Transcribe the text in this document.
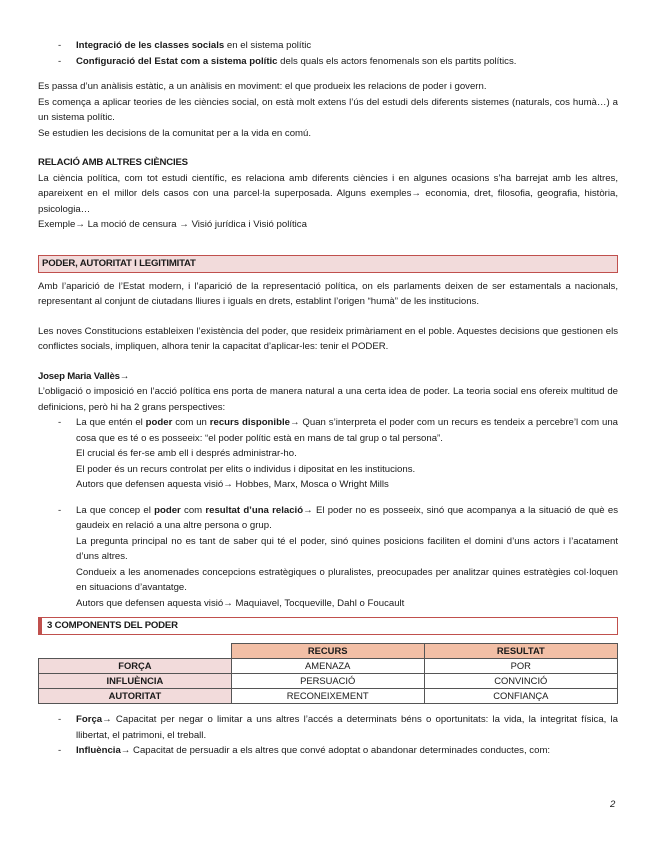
- Integració de les classes socials en el sistema polític

- Configuració del Estat com a sistema polític dels quals els actors fenomenals son els partits polítics.

Es passa d’un anàlisis estàtic, a un anàlisis en moviment: el que produeix les relacions de poder i govern.

Es comença a aplicar teories de les ciències social, on està molt extens l’ús del estudi dels diferents sistemes (naturals, cos humà…) a un sistema polític.

Se estudien les decisions de la comunitat per a la vida en comú.

RELACIÓ AMB ALTRES CIÈNCIES

La ciència política, com tot estudi científic, es relaciona amb diferents ciències i en algunes ocasions s’ha barrejat amb les altres, apareixent en el millor dels casos con una parcel·la superposada. Alguns exemples→ economia, dret, filosofia, geografia, història, psicologia…

Exemple→ La moció de censura → Visió jurídica i Visió política

PODER, AUTORITAT I LEGITIMITAT

Amb l’aparició de l’Estat modern, i l’aparició de la representació política, on els parlaments deixen de ser estamentals a nacionals, representant al conjunt de ciutadans lliures i iguals en drets, establint l’origen “humà” de les institucions.

Les noves Constitucions estableixen l’existència del poder, que resideix primàriament en el poble. Aquestes decisions que gestionen els conflictes socials, impliquen, alhora tenir la capacitat d’aplicar-les: tenir el PODER.

Josep Maria Vallès→

L’obligació o imposició en l’acció política ens porta de manera natural a una certa idea de poder. La teoria social ens ofereix multitud de definicions, però hi ha 2 grans perspectives:

- La que entén el poder com un recurs disponible→ Quan s’interpreta el poder com un recurs es tendeix a percebre’l com una cosa que es té o es posseeix: “el poder polític està en mans de tal grup o tal persona”.

El crucial és fer-se amb ell i després administrar-ho.

El poder és un recurs controlat per elits o individus i dipositat en les institucions.

Autors que defensen aquesta visió→ Hobbes, Marx, Mosca o Wright Mills

- La que concep el poder com resultat d’una relació→ El poder no es posseeix, sinó que acompanya a la situació de què es gaudeix en relació a una altre persona o grup.

La pregunta principal no es tant de saber qui té el poder, sinó quines posicions faciliten el domini d’uns actors i l’acatament d’uns altres.

Condueix a les anomenades concepcions estratègiques o pluralistes, preocupades per analitzar quines estratègies col·loquen en situacions d’avantatge.

Autors que defensen aquesta visió→ Maquiavel, Tocqueville, Dahl o Foucault

3 COMPONENTS DEL PODER
	RECURS	RESULTAT
FORÇA	AMENAZA	POR
INFLUÈNCIA	PERSUACIÓ	CONVINCIÓ
AUTORITAT	RECONEIXEMENT	CONFIANÇA

- Força→ Capacitat per negar o limitar a uns altres l’accés a determinats béns o oportunitats: la vida, la integritat física, la llibertat, el patrimoni, el treball.

- Influència→ Capacitat de persuadir a els altres que convé adoptat o abandonar determinades conductes, com:

2
